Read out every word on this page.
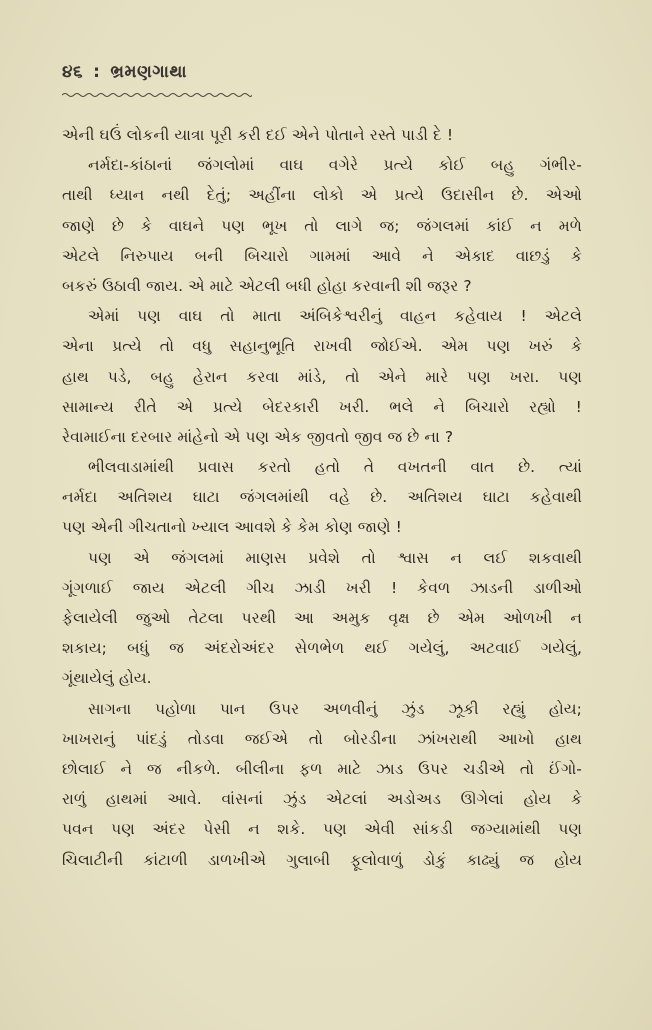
૪૬ : ભ્રમણગાથા
એની ઘઉં લોકની યાત્રા પૂરી કરી દઈ એને પોતાને રસ્તે પાડી દે !
નર્મદા-કાંઠાનાં જંગલોમાં વાઘ વગેરે પ્રત્યે કોઈ બહુ ગંભીર-
તાથી ધ્યાન નથી દેતું; અહીંના લોકો એ પ્રત્યે ઉદાસીન છે. એઓ
જાણે છે કે વાઘને પણ ભૂખ તો લાગે જ; જંગલમાં કાંઈ ન મળે
એટલે નિરુપાય બની બિચારો ગામમાં આવે ને એકાદ વાછડું કે
બકરું ઉઠાવી જાય. એ માટે એટલી બધી હોહા કરવાની શી જરૂર ?
એમાં પણ વાઘ તો માતા અંબિકેશ્વરીનું વાહન કહેવાય ! એટલે
એના પ્રત્યે તો વધુ સહાનુભૂતિ રાખવી જોઈએ. એમ પણ ખરું કે
હાથ પડે, બહુ હેરાન કરવા માંડે, તો એને મારે પણ ખરા. પણ
સામાન્ય રીતે એ પ્રત્યે બેદરકારી ખરી. ભલે ને બિચારો રહ્યો !
રેવામાઈના દરબાર માંહેનો એ પણ એક જીવતો જીવ જ છે ના ?
ભીલવાડામાંથી પ્રવાસ કરતો હતો તે વખતની વાત છે. ત્યાં
નર્મદા અતિશય ઘાટા જંગલમાંથી વહે છે. અતિશય ઘાટા કહેવાથી
પણ એની ગીચતાનો ખ્યાલ આવશે કે કેમ કોણ જાણે !
પણ એ જંગલમાં માણસ પ્રવેશે તો શ્વાસ ન લઈ શકવાથી
ગૂંગળાઈ જાય એટલી ગીચ ઝાડી ખરી ! કેવળ ઝાડની ડાળીઓ
ફેલાયેલી જુઓ તેટલા પરથી આ અમુક વૃક્ષ છે એમ ઓળખી ન
શકાય; બધું જ અંદરોઅંદર સેળભેળ થઈ ગયેલું, અટવાઈ ગયેલું,
ગૂંથાયેલું હોય.
સાગના પહોળા પાન ઉપર અળવીનું ઝુંડ ઝૂકી રહ્યું હોય;
ખાખરાનું પાંદડું તોડવા જઈએ તો બોરડીના ઝાંખરાથી આખો હાથ
છોલાઈ ને જ નીકળે. બીલીના ફળ માટે ઝાડ ઉપર ચડીએ તો ઈંગો-
રાળું હાથમાં આવે. વાંસનાં ઝુંડ એટલાં અડોઅડ ઊગેલાં હોય કે
પવન પણ અંદર પેસી ન શકે. પણ એવી સાંકડી જગ્યામાંથી પણ
ચિલાટીની કાંટાળી ડાળખીએ ગુલાબી ફૂલોવાળું ડોકું કાઢ્યું જ હોય
